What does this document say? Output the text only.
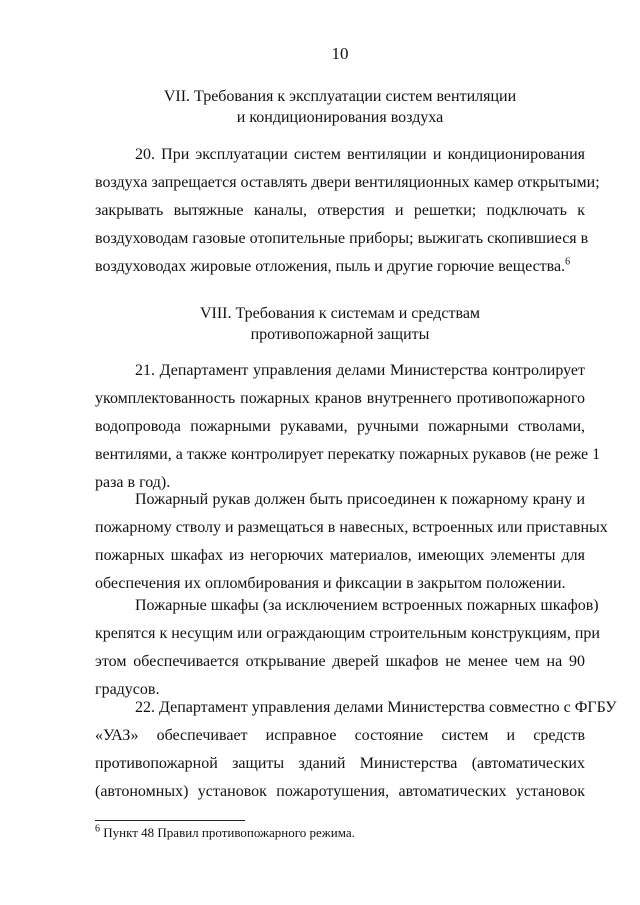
10
VII. Требования к эксплуатации систем вентиляции
и кондиционирования воздуха
20. При эксплуатации систем вентиляции и кондиционирования
воздуха запрещается оставлять двери вентиляционных камер открытыми;
закрывать вытяжные каналы, отверстия и решетки; подключать к
воздуховодам газовые отопительные приборы; выжигать скопившиеся в
воздуховодах жировые отложения, пыль и другие горючие вещества.$^6$
VIII. Требования к системам и средствам
противопожарной защиты
21. Департамент управления делами Министерства контролирует
укомплектованность пожарных кранов внутреннего противопожарного
водопровода пожарными рукавами, ручными пожарными стволами,
вентилями, а также контролирует перекатку пожарных рукавов (не реже 1
раза в год).
Пожарный рукав должен быть присоединен к пожарному крану и
пожарному стволу и размещаться в навесных, встроенных или приставных
пожарных шкафах из негорючих материалов, имеющих элементы для
обеспечения их опломбирования и фиксации в закрытом положении.
Пожарные шкафы (за исключением встроенных пожарных шкафов)
крепятся к несущим или ограждающим строительным конструкциям, при
этом обеспечивается открывание дверей шкафов не менее чем на 90
градусов.
22. Департамент управления делами Министерства совместно с ФГБУ
«УАЗ» обеспечивает исправное состояние систем и средств
противопожарной защиты зданий Министерства (автоматических
(автономных) установок пожаротушения, автоматических установок
$^6$ Пункт 48 Правил противопожарного режима.
